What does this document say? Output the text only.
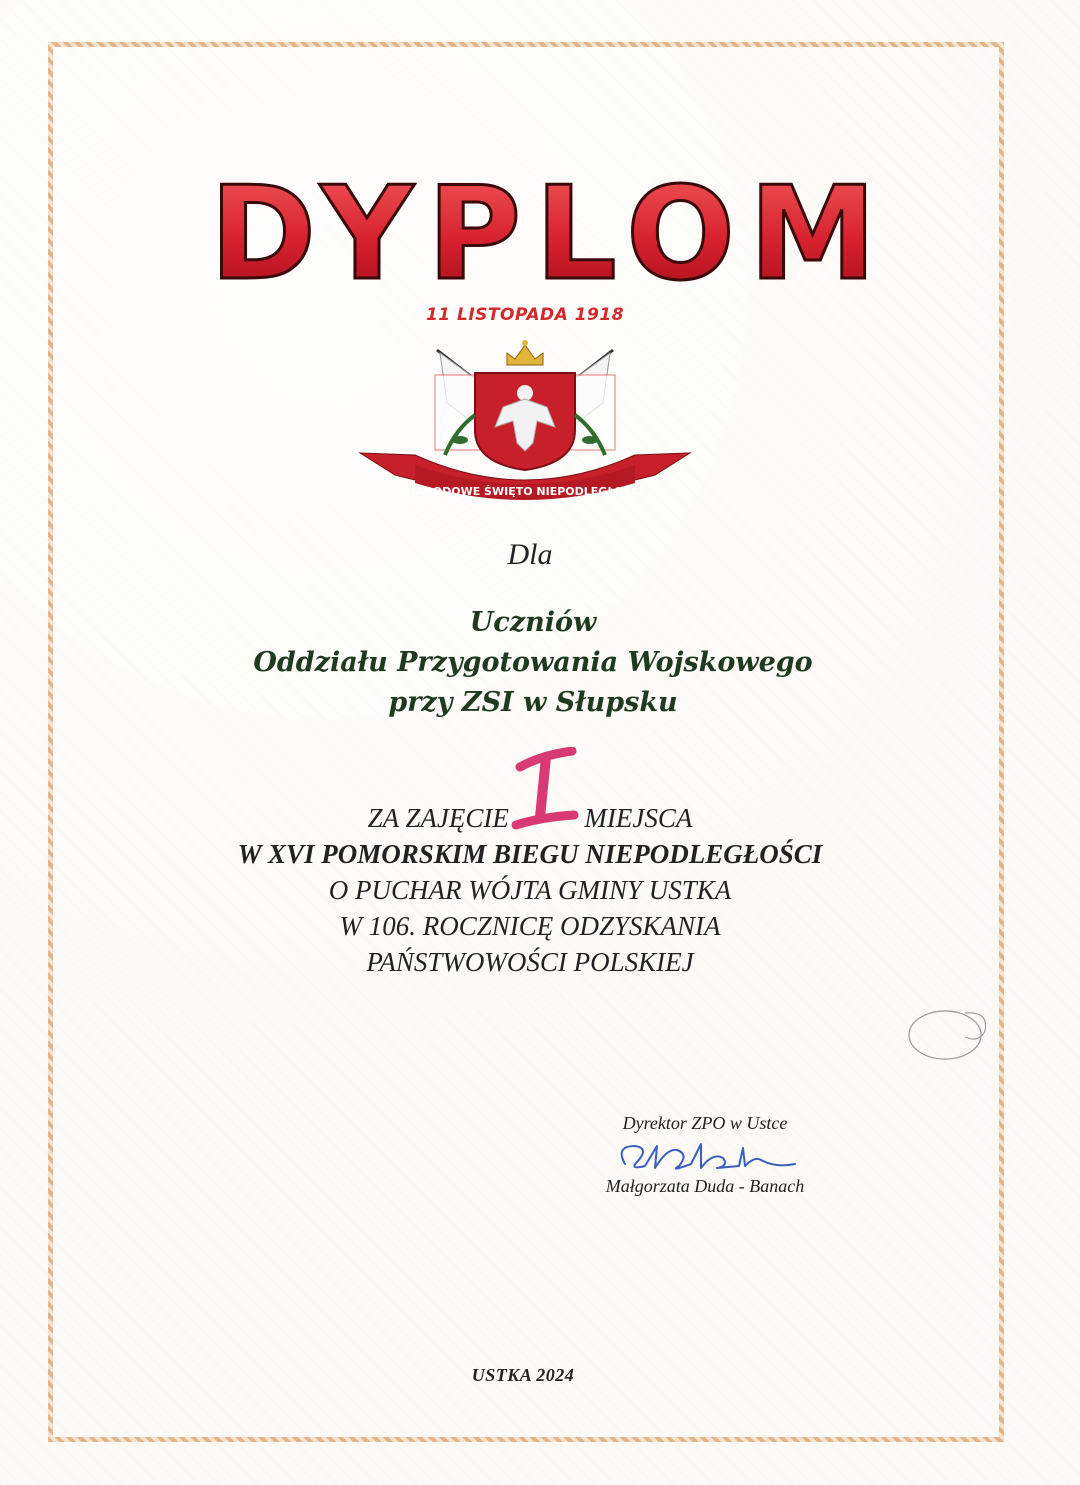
DYPLOM
11 LISTOPADA 1918
NARODOWE ŚWIĘTO NIEPODLEGŁOŚCI
Dla
Uczniów
Oddziału Przygotowania Wojskowego
przy ZSI w Słupsku
ZA ZAJĘCIE
I
MIEJSCA
W XVI POMORSKIM BIEGU NIEPODLEGŁOŚCI
O PUCHAR WÓJTA GMINY USTKA
W 106. ROCZNICĘ ODZYSKANIA
PAŃSTWOWOŚCI POLSKIEJ
Dyrektor ZPO w Ustce
Małgorzata Duda - Banach
USTKA 2024
